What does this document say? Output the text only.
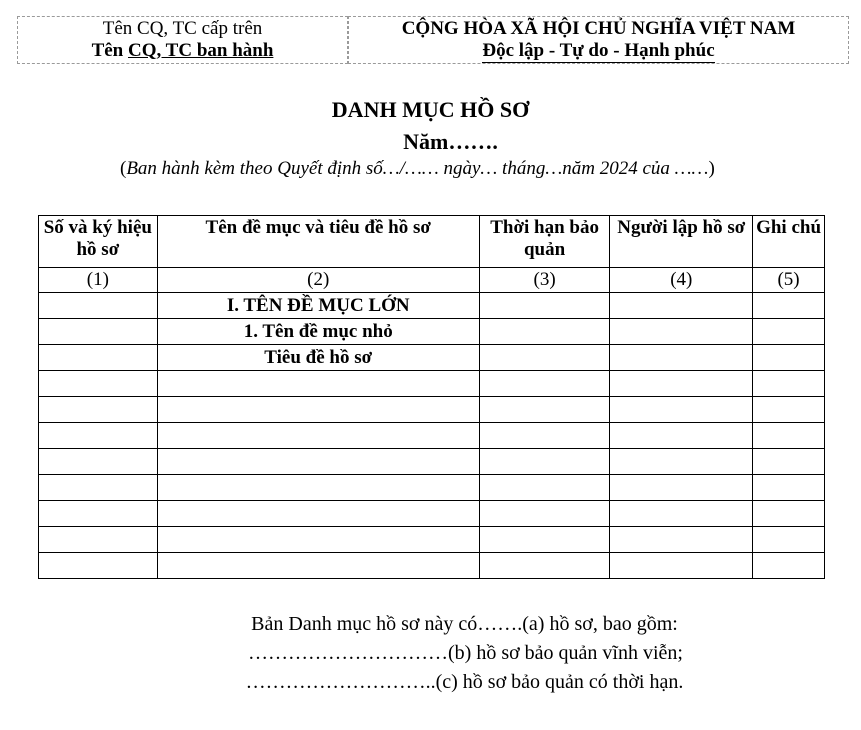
Tên CQ, TC cấp trên
Tên CQ, TC ban hành
CỘNG HÒA XÃ HỘI CHỦ NGHĨA VIỆT NAM
Độc lập - Tự do - Hạnh phúc
DANH MỤC HỒ SƠ
Năm…….
(Ban hành kèm theo Quyết định số…/…… ngày… tháng…năm 2024 của ……)
Số và ký hiệu hồ sơ	Tên đề mục và tiêu đề hồ sơ	Thời hạn bảo quản	Người lập hồ sơ	Ghi chú
(1)	(2)	(3)	(4)	(5)
	I. TÊN ĐỀ MỤC LỚN			
	1. Tên đề mục nhỏ			
	Tiêu đề hồ sơ			

Bản Danh mục hồ sơ này có…….(a) hồ sơ, bao gồm:
…………………………(b) hồ sơ bảo quản vĩnh viễn;
………………………..(c) hồ sơ bảo quản có thời hạn.
